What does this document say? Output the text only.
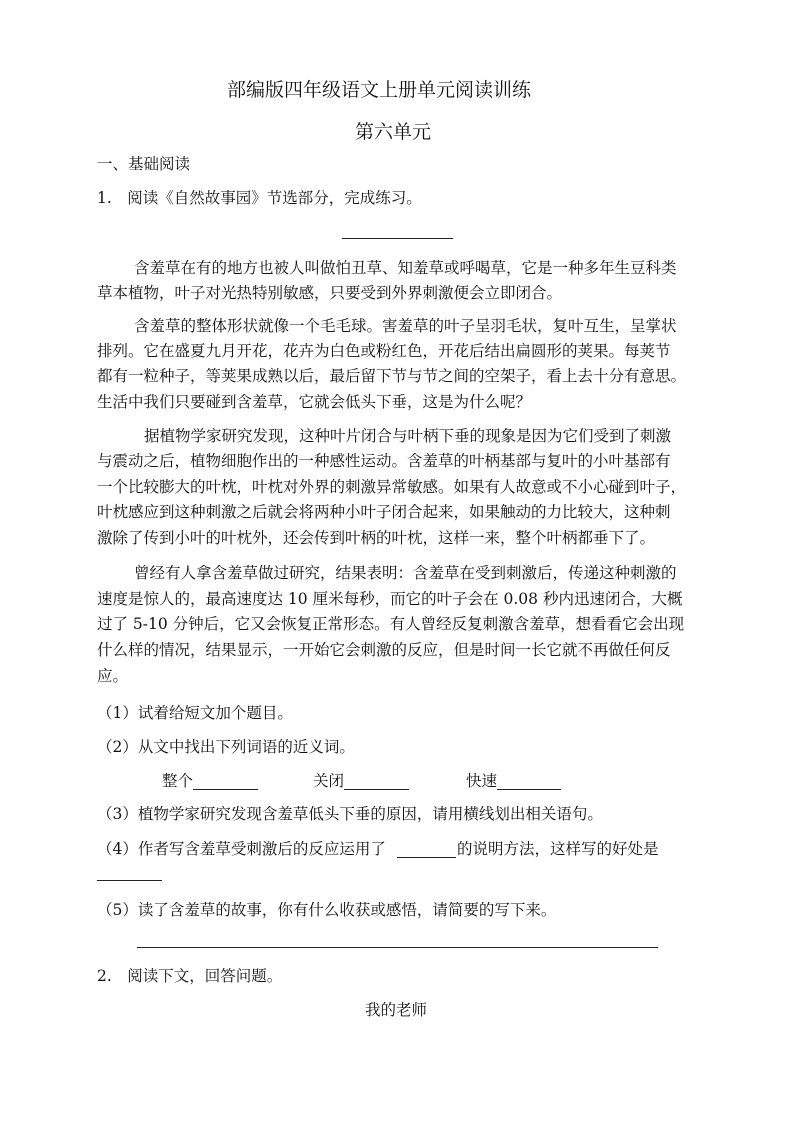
部编版四年级语文上册单元阅读训练
第六单元
一、基础阅读
1.　阅读《自然故事园》节选部分，完成练习。
含羞草在有的地方也被人叫做怕丑草、知羞草或呼喝草，它是一种多年生豆科类
草本植物，叶子对光热特别敏感，只要受到外界刺激便会立即闭合。
含羞草的整体形状就像一个毛毛球。害羞草的叶子呈羽毛状，复叶互生，呈掌状
排列。它在盛夏九月开花，花卉为白色或粉红色，开花后结出扁圆形的荚果。每荚节
都有一粒种子，等荚果成熟以后，最后留下节与节之间的空架子，看上去十分有意思。
生活中我们只要碰到含羞草，它就会低头下垂，这是为什么呢？
据植物学家研究发现，这种叶片闭合与叶柄下垂的现象是因为它们受到了刺激
与震动之后，植物细胞作出的一种感性运动。含羞草的叶柄基部与复叶的小叶基部有
一个比较膨大的叶枕，叶枕对外界的刺激异常敏感。如果有人故意或不小心碰到叶子，
叶枕感应到这种刺激之后就会将两种小叶子闭合起来，如果触动的力比较大，这种刺
激除了传到小叶的叶枕外，还会传到叶柄的叶枕，这样一来，整个叶柄都垂下了。
曾经有人拿含羞草做过研究，结果表明：含羞草在受到刺激后，传递这种刺激的
速度是惊人的，最高速度达 10 厘米每秒，而它的叶子会在 0.08 秒内迅速闭合，大概
过了 5-10 分钟后，它又会恢复正常形态。有人曾经反复刺激含羞草，想看看它会出现
什么样的情况，结果显示，一开始它会刺激的反应，但是时间一长它就不再做任何反
应。
（1）试着给短文加个题目。
（2）从文中找出下列词语的近义词。
整个	关闭	快速
（3）植物学家研究发现含羞草低头下垂的原因，请用横线划出相关语句。
（4）作者写含羞草受刺激后的反应运用了	的说明方法，这样写的好处是
（5）读了含羞草的故事，你有什么收获或感悟，请简要的写下来。
2.　阅读下文，回答问题。
我的老师
